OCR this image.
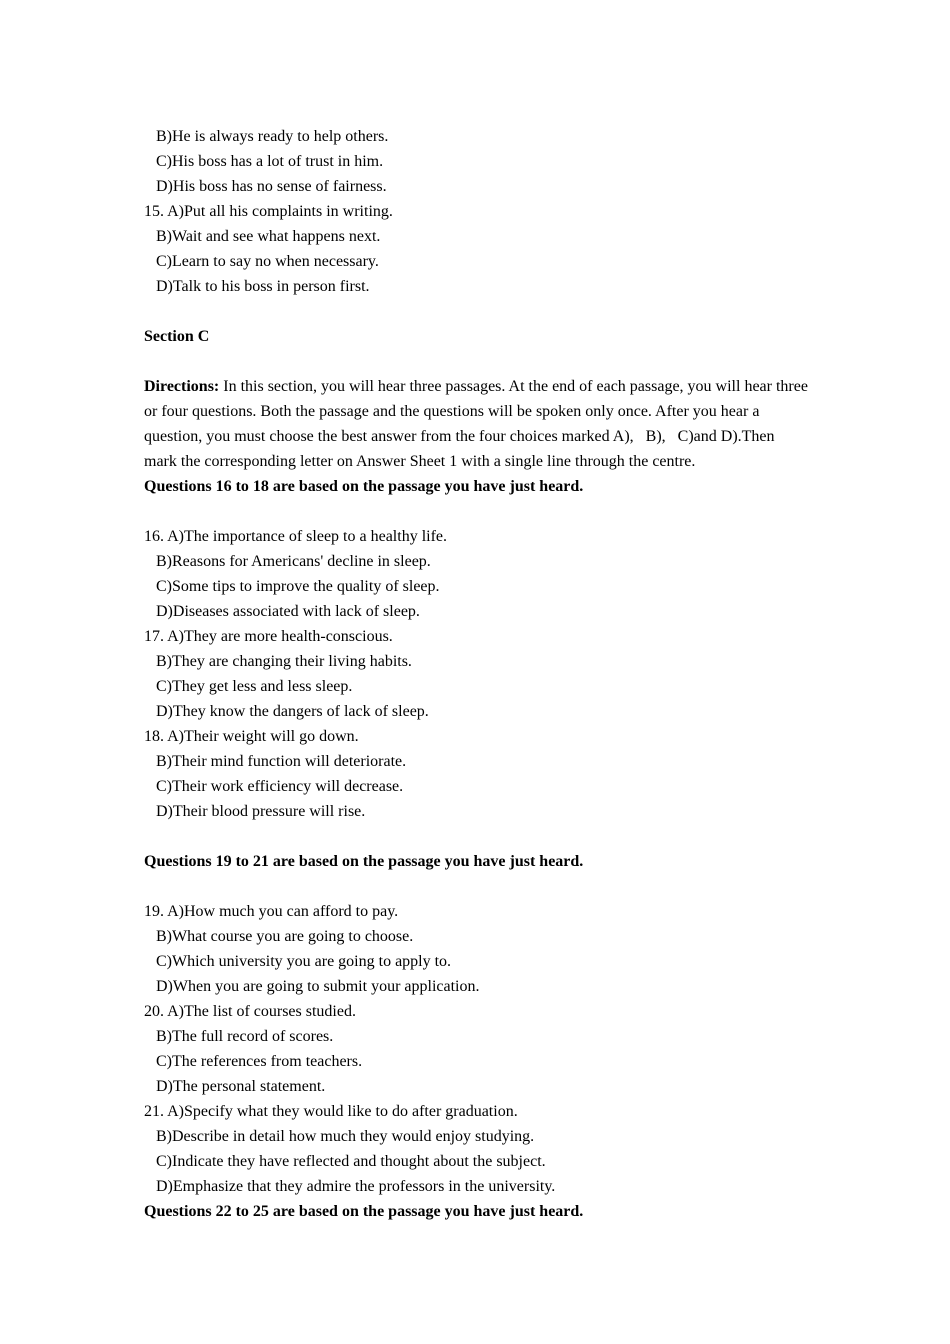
B)He is always ready to help others.
C)His boss has a lot of trust in him.
D)His boss has no sense of fairness.
15. A)Put all his complaints in writing.
B)Wait and see what happens next.
C)Learn to say no when necessary.
D)Talk to his boss in person first.
Section C
Directions: In this section, you will hear three passages. At the end of each passage, you will hear three or four questions. Both the passage and the questions will be spoken only once. After you hear a question, you must choose the best answer from the four choices marked A),   B),   C)and D).Then mark the corresponding letter on Answer Sheet 1 with a single line through the centre.
Questions 16 to 18 are based on the passage you have just heard.
16. A)The importance of sleep to a healthy life.
B)Reasons for Americans' decline in sleep.
C)Some tips to improve the quality of sleep.
D)Diseases associated with lack of sleep.
17. A)They are more health-conscious.
B)They are changing their living habits.
C)They get less and less sleep.
D)They know the dangers of lack of sleep.
18. A)Their weight will go down.
B)Their mind function will deteriorate.
C)Their work efficiency will decrease.
D)Their blood pressure will rise.
Questions 19 to 21 are based on the passage you have just heard.
19. A)How much you can afford to pay.
B)What course you are going to choose.
C)Which university you are going to apply to.
D)When you are going to submit your application.
20. A)The list of courses studied.
B)The full record of scores.
C)The references from teachers.
D)The personal statement.
21. A)Specify what they would like to do after graduation.
B)Describe in detail how much they would enjoy studying.
C)Indicate they have reflected and thought about the subject.
D)Emphasize that they admire the professors in the university.
Questions 22 to 25 are based on the passage you have just heard.
